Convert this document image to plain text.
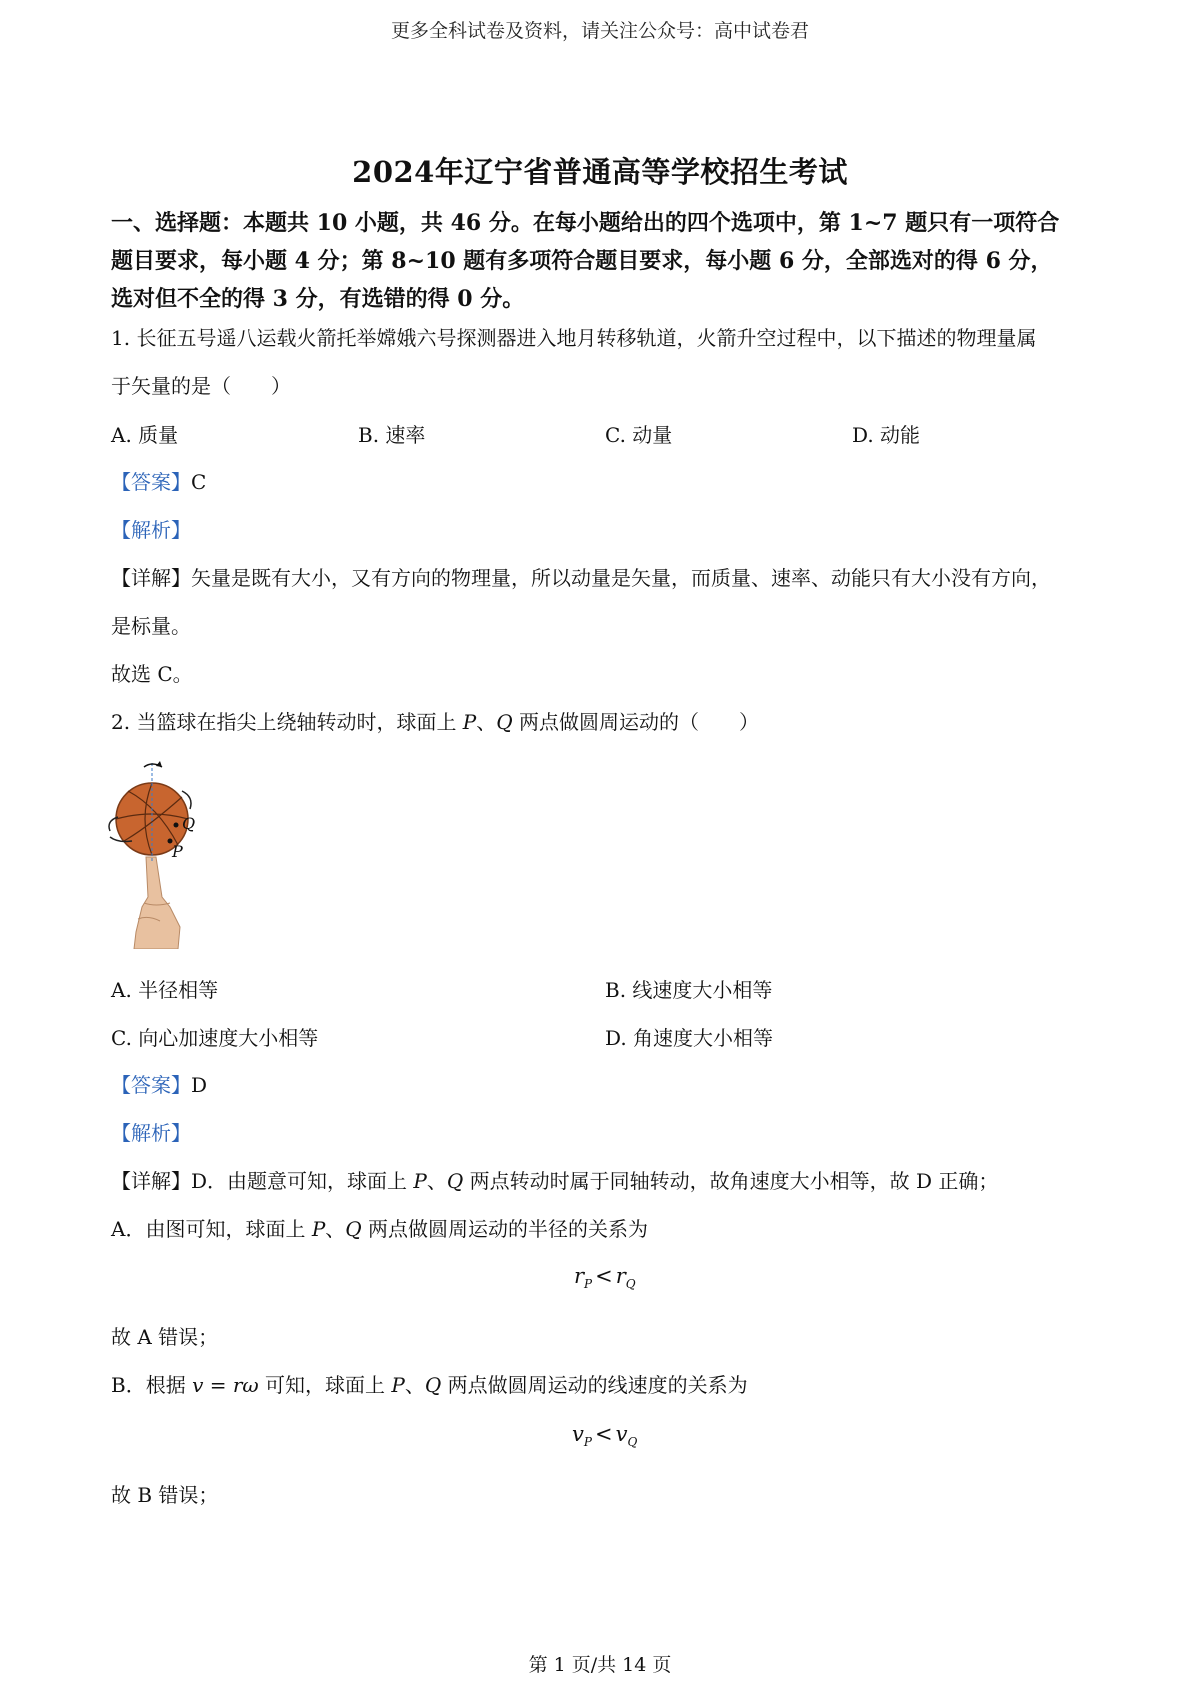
更多全科试卷及资料，请关注公众号：高中试卷君
2024年辽宁省普通高等学校招生考试
一、选择题：本题共 10 小题，共 46 分。在每小题给出的四个选项中，第 1~7 题只有一项符合
题目要求，每小题 4 分；第 8~10 题有多项符合题目要求，每小题 6 分，全部选对的得 6 分，
选对但不全的得 3 分，有选错的得 0 分。
1. 长征五号遥八运载火箭托举嫦娥六号探测器进入地月转移轨道，火箭升空过程中，以下描述的物理量属
于矢量的是（　　）
A. 质量	B. 速率	C. 动量	D. 动能
【答案】C
【解析】
【详解】矢量是既有大小，又有方向的物理量，所以动量是矢量，而质量、速率、动能只有大小没有方向，
是标量。
故选 C。
2. 当篮球在指尖上绕轴转动时，球面上 P、Q 两点做圆周运动的（　　）
Q
P
A. 半径相等	B. 线速度大小相等
C. 向心加速度大小相等	D. 角速度大小相等
【答案】D
【解析】
【详解】D．由题意可知，球面上 P、Q 两点转动时属于同轴转动，故角速度大小相等，故 D 正确；
A．由图可知，球面上 P、Q 两点做圆周运动的半径的关系为
$r_P < r_Q$
故 A 错误；
B．根据 v = rω 可知，球面上 P、Q 两点做圆周运动的线速度的关系为
$v_P < v_Q$
故 B 错误；
第 1 页/共 14 页
